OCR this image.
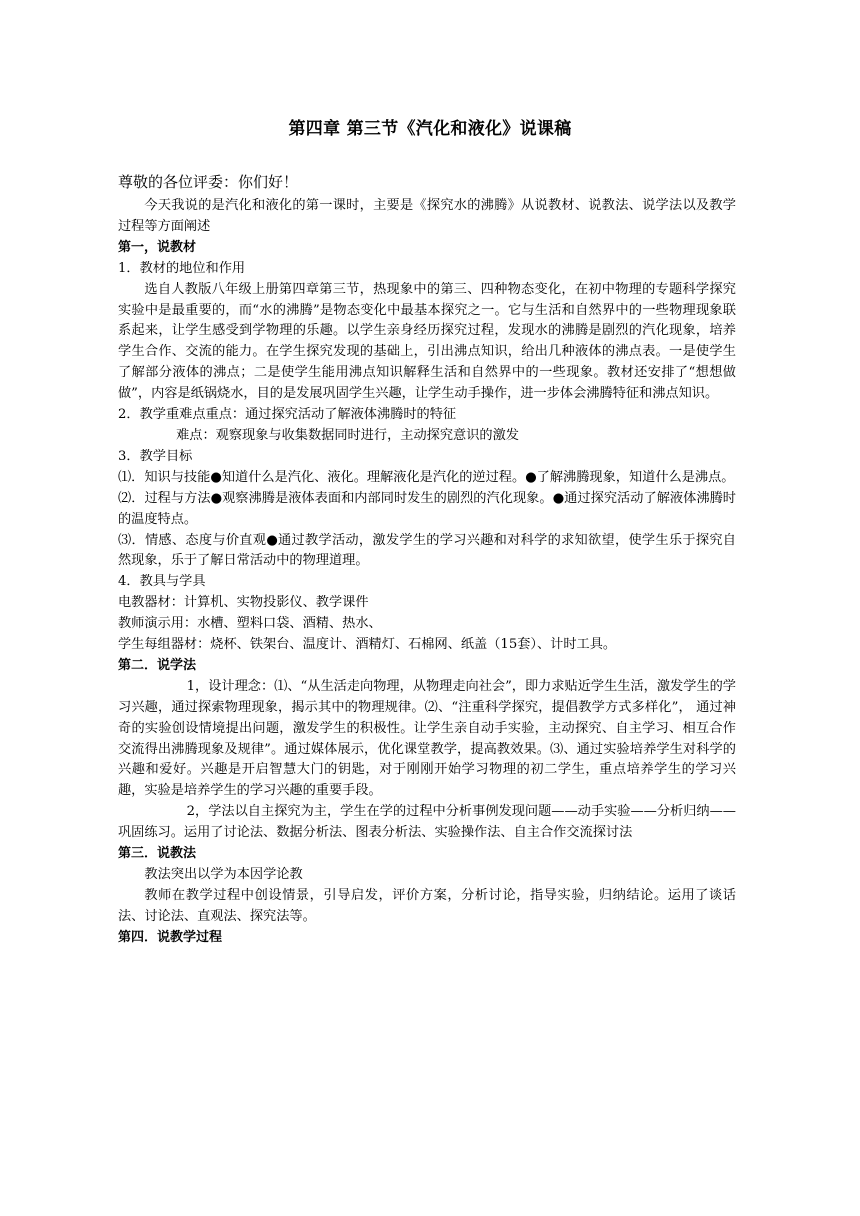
第四章 第三节《汽化和液化》说课稿

尊敬的各位评委：你们好！

今天我说的是汽化和液化的第一课时，主要是《探究水的沸腾》从说教材、说教法、说学法以及教学过程等方面阐述

第一，说教材

1．教材的地位和作用

选自人教版八年级上册第四章第三节，热现象中的第三、四种物态变化，在初中物理的专题科学探究实验中是最重要的，而“水的沸腾”是物态变化中最基本探究之一。它与生活和自然界中的一些物理现象联系起来，让学生感受到学物理的乐趣。以学生亲身经历探究过程，发现水的沸腾是剧烈的汽化现象，培养学生合作、交流的能力。在学生探究发现的基础上，引出沸点知识，给出几种液体的沸点表。一是使学生了解部分液体的沸点；二是使学生能用沸点知识解释生活和自然界中的一些现象。教材还安排了“想想做做”，内容是纸锅烧水，目的是发展巩固学生兴趣，让学生动手操作，进一步体会沸腾特征和沸点知识。

2．教学重难点重点：通过探究活动了解液体沸腾时的特征

难点：观察现象与收集数据同时进行，主动探究意识的激发

3．教学目标

⑴．知识与技能●知道什么是汽化、液化。理解液化是汽化的逆过程。●了解沸腾现象，知道什么是沸点。

⑵．过程与方法●观察沸腾是液体表面和内部同时发生的剧烈的汽化现象。●通过探究活动了解液体沸腾时的温度特点。

⑶．情感、态度与价直观●通过教学活动，激发学生的学习兴趣和对科学的求知欲望，使学生乐于探究自然现象，乐于了解日常活动中的物理道理。

4．教具与学具

电教器材：计算机、实物投影仪、教学课件

教师演示用：水槽、塑料口袋、酒精、热水、

学生每组器材：烧杯、铁架台、温度计、酒精灯、石棉网、纸盖（15套）、计时工具。

第二．说学法

1，设计理念：⑴、“从生活走向物理，从物理走向社会”，即力求贴近学生生活，激发学生的学习兴趣，通过探索物理现象，揭示其中的物理规律。⑵、“注重科学探究，提倡教学方式多样化”， 通过神奇的实验创设情境提出问题，激发学生的积极性。让学生亲自动手实验，主动探究、自主学习、相互合作交流得出沸腾现象及规律”。通过媒体展示，优化课堂教学，提高教效果。⑶、通过实验培养学生对科学的兴趣和爱好。兴趣是开启智慧大门的钥匙，对于刚刚开始学习物理的初二学生，重点培养学生的学习兴趣，实验是培养学生的学习兴趣的重要手段。

2，学法以自主探究为主，学生在学的过程中分析事例发现问题——动手实验——分析归纳——巩固练习。运用了讨论法、数据分析法、图表分析法、实验操作法、自主合作交流探讨法

第三．说教法

教法突出以学为本因学论教

教师在教学过程中创设情景，引导启发，评价方案，分析讨论，指导实验，归纳结论。运用了谈话法、讨论法、直观法、探究法等。

第四．说教学过程
